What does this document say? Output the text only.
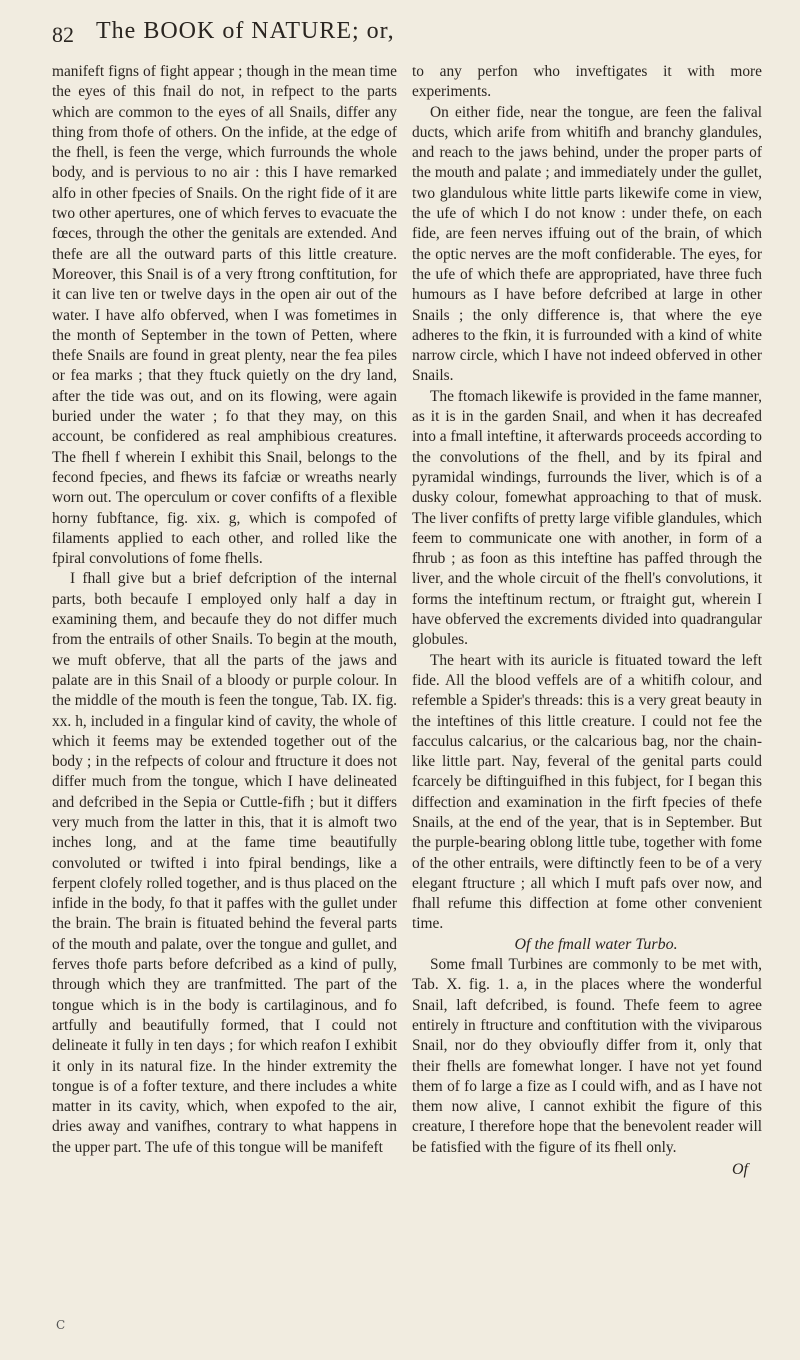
82 The BOOK of NATURE; or,

manifeft figns of fight appear ; though in the mean time the eyes of this fnail do not, in refpect to the parts which are common to the eyes of all Snails, differ any thing from thofe of others. On the infide, at the edge of the fhell, is feen the verge, which furrounds the whole body, and is pervious to no air : this I have remarked alfo in other fpecies of Snails. On the right fide of it are two other apertures, one of which ferves to evacuate the fœces, through the other the genitals are extended. And thefe are all the outward parts of this little creature. Moreover, this Snail is of a very ftrong conftitution, for it can live ten or twelve days in the open air out of the water. I have alfo obferved, when I was fometimes in the month of September in the town of Petten, where thefe Snails are found in great plenty, near the fea piles or fea marks ; that they ftuck quietly on the dry land, after the tide was out, and on its flowing, were again buried under the water ; fo that they may, on this account, be confidered as real amphibious creatures. The fhell f wherein I exhibit this Snail, belongs to the fecond fpecies, and fhews its fafciæ or wreaths nearly worn out. The operculum or cover confifts of a flexible horny fubftance, fig. xix. g, which is compofed of filaments applied to each other, and rolled like the fpiral convolutions of fome fhells.

I fhall give but a brief defcription of the internal parts, both becaufe I employed only half a day in examining them, and becaufe they do not differ much from the entrails of other Snails. To begin at the mouth, we muft obferve, that all the parts of the jaws and palate are in this Snail of a bloody or purple colour. In the middle of the mouth is feen the tongue, Tab. IX. fig. xx. h, included in a fingular kind of cavity, the whole of which it feems may be extended together out of the body ; in the refpects of colour and ftructure it does not differ much from the tongue, which I have delineated and defcribed in the Sepia or Cuttle-fifh ; but it differs very much from the latter in this, that it is almoft two inches long, and at the fame time beautifully convoluted or twifted i into fpiral bendings, like a ferpent clofely rolled together, and is thus placed on the infide in the body, fo that it paffes with the gullet under the brain. The brain is fituated behind the feveral parts of the mouth and palate, over the tongue and gullet, and ferves thofe parts before defcribed as a kind of pully, through which they are tranfmitted. The part of the tongue which is in the body is cartilaginous, and fo artfully and beautifully formed, that I could not delineate it fully in ten days ; for which reafon I exhibit it only in its natural fize. In the hinder extremity the tongue is of a fofter texture, and there includes a white matter in its cavity, which, when expofed to the air, dries away and vanifhes, contrary to what happens in the upper part. The ufe of this tongue will be manifeft

to any perfon who inveftigates it with more experiments.

On either fide, near the tongue, are feen the falival ducts, which arife from whitifh and branchy glandules, and reach to the jaws behind, under the proper parts of the mouth and palate ; and immediately under the gullet, two glandulous white little parts likewife come in view, the ufe of which I do not know : under thefe, on each fide, are feen nerves iffuing out of the brain, of which the optic nerves are the moft confiderable. The eyes, for the ufe of which thefe are appropriated, have three fuch humours as I have before defcribed at large in other Snails ; the only difference is, that where the eye adheres to the fkin, it is furrounded with a kind of white narrow circle, which I have not indeed obferved in other Snails.

The ftomach likewife is provided in the fame manner, as it is in the garden Snail, and when it has decreafed into a fmall inteftine, it afterwards proceeds according to the convolutions of the fhell, and by its fpiral and pyramidal windings, furrounds the liver, which is of a dusky colour, fomewhat approaching to that of musk. The liver confifts of pretty large vifible glandules, which feem to communicate one with another, in form of a fhrub ; as foon as this inteftine has paffed through the liver, and the whole circuit of the fhell's convolutions, it forms the inteftinum rectum, or ftraight gut, wherein I have obferved the excrements divided into quadrangular globules.

The heart with its auricle is fituated toward the left fide. All the blood veffels are of a whitifh colour, and refemble a Spider's threads: this is a very great beauty in the inteftines of this little creature. I could not fee the facculus calcarius, or the calcarious bag, nor the chain-like little part. Nay, feveral of the genital parts could fcarcely be diftinguifhed in this fubject, for I began this diffection and examination in the firft fpecies of thefe Snails, at the end of the year, that is in September. But the purple-bearing oblong little tube, together with fome of the other entrails, were diftinctly feen to be of a very elegant ftructure ; all which I muft pafs over now, and fhall refume this diffection at fome other convenient time.

Of the fmall water Turbo.

Some fmall Turbines are commonly to be met with, Tab. X. fig. 1. a, in the places where the wonderful Snail, laft defcribed, is found. Thefe feem to agree entirely in ftructure and conftitution with the viviparous Snail, nor do they obvioufly differ from it, only that their fhells are fomewhat longer. I have not yet found them of fo large a fize as I could wifh, and as I have not them now alive, I cannot exhibit the figure of this creature, I therefore hope that the benevolent reader will be fatisfied with the figure of its fhell only.

Of
C
